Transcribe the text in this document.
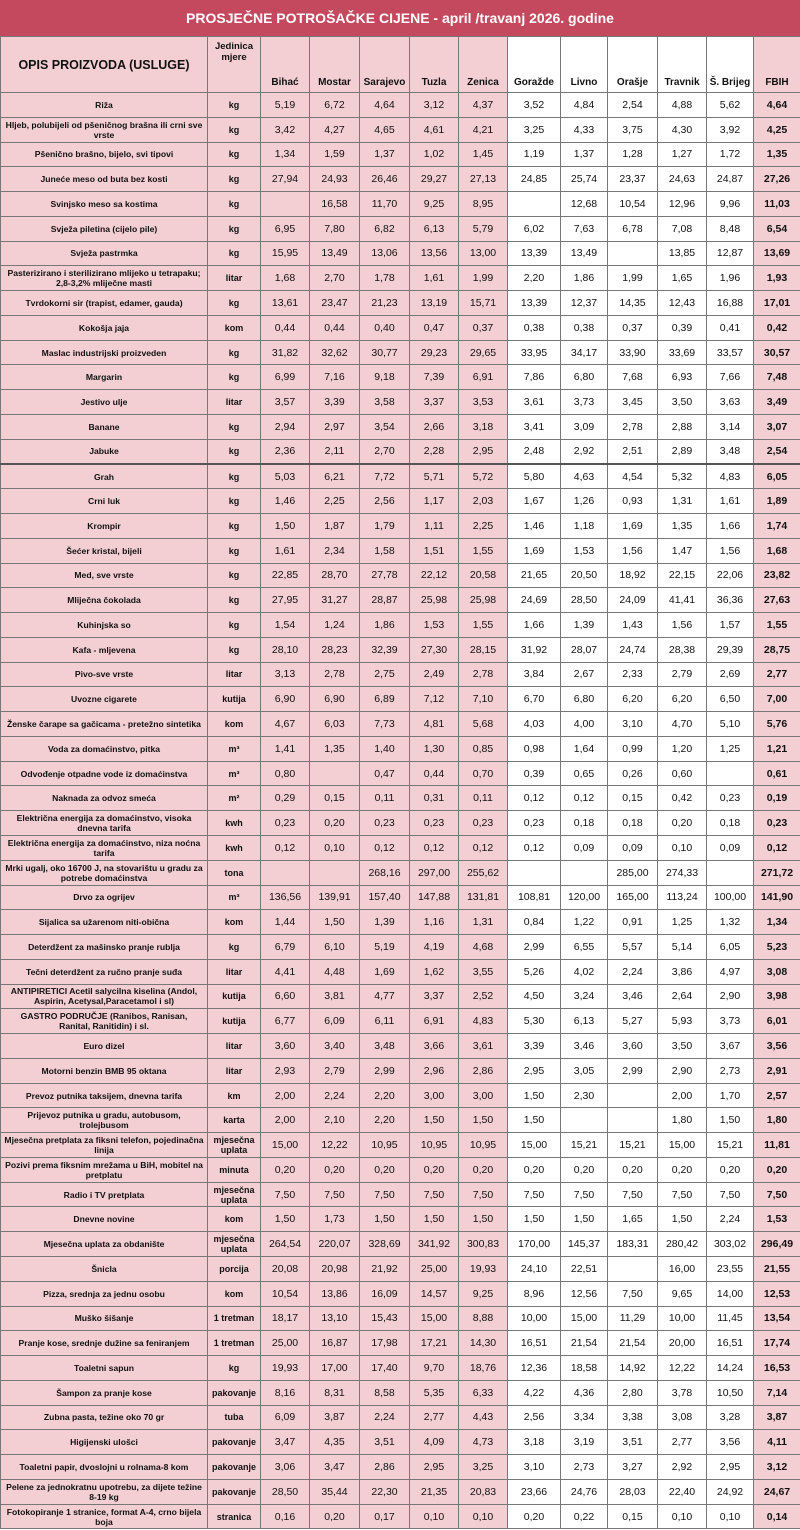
PROSJEČNE POTROŠAČKE CIJENE - april /travanj 2026. godine
OPIS PROIZVODA (USLUGE)	Jedinica mjere	Bihać	Mostar	Sarajevo	Tuzla	Zenica	Goražde	Livno	Orašje	Travnik	Š. Brijeg	FBIH
Riža	kg	5,19	6,72	4,64	3,12	4,37	3,52	4,84	2,54	4,88	5,62	4,64
Hljeb, polubijeli od pšeničnog brašna ili crni sve vrste	kg	3,42	4,27	4,65	4,61	4,21	3,25	4,33	3,75	4,30	3,92	4,25
Pšenično brašno, bijelo, svi tipovi	kg	1,34	1,59	1,37	1,02	1,45	1,19	1,37	1,28	1,27	1,72	1,35
Juneće meso od buta bez kosti	kg	27,94	24,93	26,46	29,27	27,13	24,85	25,74	23,37	24,63	24,87	27,26
Svinjsko meso sa kostima	kg		16,58	11,70	9,25	8,95		12,68	10,54	12,96	9,96	11,03
Svježa piletina (cijelo pile)	kg	6,95	7,80	6,82	6,13	5,79	6,02	7,63	6,78	7,08	8,48	6,54
Svježa pastrmka	kg	15,95	13,49	13,06	13,56	13,00	13,39	13,49		13,85	12,87	13,69
Pasterizirano i sterilizirano mlijeko u tetrapaku; 2,8-3,2% mliječne masti	litar	1,68	2,70	1,78	1,61	1,99	2,20	1,86	1,99	1,65	1,96	1,93
Tvrdokorni sir (trapist, edamer, gauda)	kg	13,61	23,47	21,23	13,19	15,71	13,39	12,37	14,35	12,43	16,88	17,01
Kokošja jaja	kom	0,44	0,44	0,40	0,47	0,37	0,38	0,38	0,37	0,39	0,41	0,42
Maslac industrijski proizveden	kg	31,82	32,62	30,77	29,23	29,65	33,95	34,17	33,90	33,69	33,57	30,57
Margarin	kg	6,99	7,16	9,18	7,39	6,91	7,86	6,80	7,68	6,93	7,66	7,48
Jestivo ulje	litar	3,57	3,39	3,58	3,37	3,53	3,61	3,73	3,45	3,50	3,63	3,49
Banane	kg	2,94	2,97	3,54	2,66	3,18	3,41	3,09	2,78	2,88	3,14	3,07
Jabuke	kg	2,36	2,11	2,70	2,28	2,95	2,48	2,92	2,51	2,89	3,48	2,54
Grah	kg	5,03	6,21	7,72	5,71	5,72	5,80	4,63	4,54	5,32	4,83	6,05
Crni luk	kg	1,46	2,25	2,56	1,17	2,03	1,67	1,26	0,93	1,31	1,61	1,89
Krompir	kg	1,50	1,87	1,79	1,11	2,25	1,46	1,18	1,69	1,35	1,66	1,74
Šećer kristal, bijeli	kg	1,61	2,34	1,58	1,51	1,55	1,69	1,53	1,56	1,47	1,56	1,68
Med, sve vrste	kg	22,85	28,70	27,78	22,12	20,58	21,65	20,50	18,92	22,15	22,06	23,82
Mliječna čokolada	kg	27,95	31,27	28,87	25,98	25,98	24,69	28,50	24,09	41,41	36,36	27,63
Kuhinjska so	kg	1,54	1,24	1,86	1,53	1,55	1,66	1,39	1,43	1,56	1,57	1,55
Kafa - mljevena	kg	28,10	28,23	32,39	27,30	28,15	31,92	28,07	24,74	28,38	29,39	28,75
Pivo-sve vrste	litar	3,13	2,78	2,75	2,49	2,78	3,84	2,67	2,33	2,79	2,69	2,77
Uvozne cigarete	kutija	6,90	6,90	6,89	7,12	7,10	6,70	6,80	6,20	6,20	6,50	7,00
Ženske čarape sa gačicama - pretežno sintetika	kom	4,67	6,03	7,73	4,81	5,68	4,03	4,00	3,10	4,70	5,10	5,76
Voda za domaćinstvo, pitka	m³	1,41	1,35	1,40	1,30	0,85	0,98	1,64	0,99	1,20	1,25	1,21
Odvođenje otpadne vode iz domaćinstva	m³	0,80		0,47	0,44	0,70	0,39	0,65	0,26	0,60		0,61
Naknada za odvoz smeća	m²	0,29	0,15	0,11	0,31	0,11	0,12	0,12	0,15	0,42	0,23	0,19
Električna energija za domaćinstvo, visoka dnevna tarifa	kwh	0,23	0,20	0,23	0,23	0,23	0,23	0,18	0,18	0,20	0,18	0,23
Električna energija za domaćinstvo, niza noćna tarifa	kwh	0,12	0,10	0,12	0,12	0,12	0,12	0,09	0,09	0,10	0,09	0,12
Mrki ugalj, oko 16700 J, na stovarištu u gradu za potrebe domaćinstva	tona			268,16	297,00	255,62			285,00	274,33		271,72
Drvo za ogrijev	m³	136,56	139,91	157,40	147,88	131,81	108,81	120,00	165,00	113,24	100,00	141,90
Sijalica sa užarenom niti-obična	kom	1,44	1,50	1,39	1,16	1,31	0,84	1,22	0,91	1,25	1,32	1,34
Deterdžent za mašinsko pranje rublja	kg	6,79	6,10	5,19	4,19	4,68	2,99	6,55	5,57	5,14	6,05	5,23
Tečni deterdžent za ručno pranje suđa	litar	4,41	4,48	1,69	1,62	3,55	5,26	4,02	2,24	3,86	4,97	3,08
ANTIPIRETICI Acetil salycilna kiselina (Andol, Aspirin, Acetysal,Paracetamol i sl)	kutija	6,60	3,81	4,77	3,37	2,52	4,50	3,24	3,46	2,64	2,90	3,98
GASTRO PODRUČJE (Ranibos, Ranisan, Ranital, Ranitidin) i sl.	kutija	6,77	6,09	6,11	6,91	4,83	5,30	6,13	5,27	5,93	3,73	6,01
Euro dizel	litar	3,60	3,40	3,48	3,66	3,61	3,39	3,46	3,60	3,50	3,67	3,56
Motorni benzin BMB 95 oktana	litar	2,93	2,79	2,99	2,96	2,86	2,95	3,05	2,99	2,90	2,73	2,91
Prevoz putnika taksijem, dnevna tarifa	km	2,00	2,24	2,20	3,00	3,00	1,50	2,30		2,00	1,70	2,57
Prijevoz putnika u gradu, autobusom, trolejbusom	karta	2,00	2,10	2,20	1,50	1,50	1,50			1,80	1,50	1,80
Mjesečna pretplata za fiksni telefon, pojedinačna linija	mjesečna uplata	15,00	12,22	10,95	10,95	10,95	15,00	15,21	15,21	15,00	15,21	11,81
Pozivi prema fiksnim mrežama u BiH, mobitel na pretplatu	minuta	0,20	0,20	0,20	0,20	0,20	0,20	0,20	0,20	0,20	0,20	0,20
Radio i TV pretplata	mjesečna uplata	7,50	7,50	7,50	7,50	7,50	7,50	7,50	7,50	7,50	7,50	7,50
Dnevne novine	kom	1,50	1,73	1,50	1,50	1,50	1,50	1,50	1,65	1,50	2,24	1,53
Mjesečna uplata za obdanište	mjesečna uplata	264,54	220,07	328,69	341,92	300,83	170,00	145,37	183,31	280,42	303,02	296,49
Šnicla	porcija	20,08	20,98	21,92	25,00	19,93	24,10	22,51		16,00	23,55	21,55
Pizza, srednja za jednu osobu	kom	10,54	13,86	16,09	14,57	9,25	8,96	12,56	7,50	9,65	14,00	12,53
Muško šišanje	1 tretman	18,17	13,10	15,43	15,00	8,88	10,00	15,00	11,29	10,00	11,45	13,54
Pranje kose, srednje dužine sa feniranjem	1 tretman	25,00	16,87	17,98	17,21	14,30	16,51	21,54	21,54	20,00	16,51	17,74
Toaletni sapun	kg	19,93	17,00	17,40	9,70	18,76	12,36	18,58	14,92	12,22	14,24	16,53
Šampon za pranje kose	pakovanje	8,16	8,31	8,58	5,35	6,33	4,22	4,36	2,80	3,78	10,50	7,14
Zubna pasta, težine oko 70 gr	tuba	6,09	3,87	2,24	2,77	4,43	2,56	3,34	3,38	3,08	3,28	3,87
Higijenski ulošci	pakovanje	3,47	4,35	3,51	4,09	4,73	3,18	3,19	3,51	2,77	3,56	4,11
Toaletni papir, dvoslojni u rolnama-8 kom	pakovanje	3,06	3,47	2,86	2,95	3,25	3,10	2,73	3,27	2,92	2,95	3,12
Pelene za jednokratnu upotrebu, za dijete težine 8-19 kg	pakovanje	28,50	35,44	22,30	21,35	20,83	23,66	24,76	28,03	22,40	24,92	24,67
Fotokopiranje 1 stranice, format A-4, crno bijela boja	stranica	0,16	0,20	0,17	0,10	0,10	0,20	0,22	0,15	0,10	0,10	0,14
